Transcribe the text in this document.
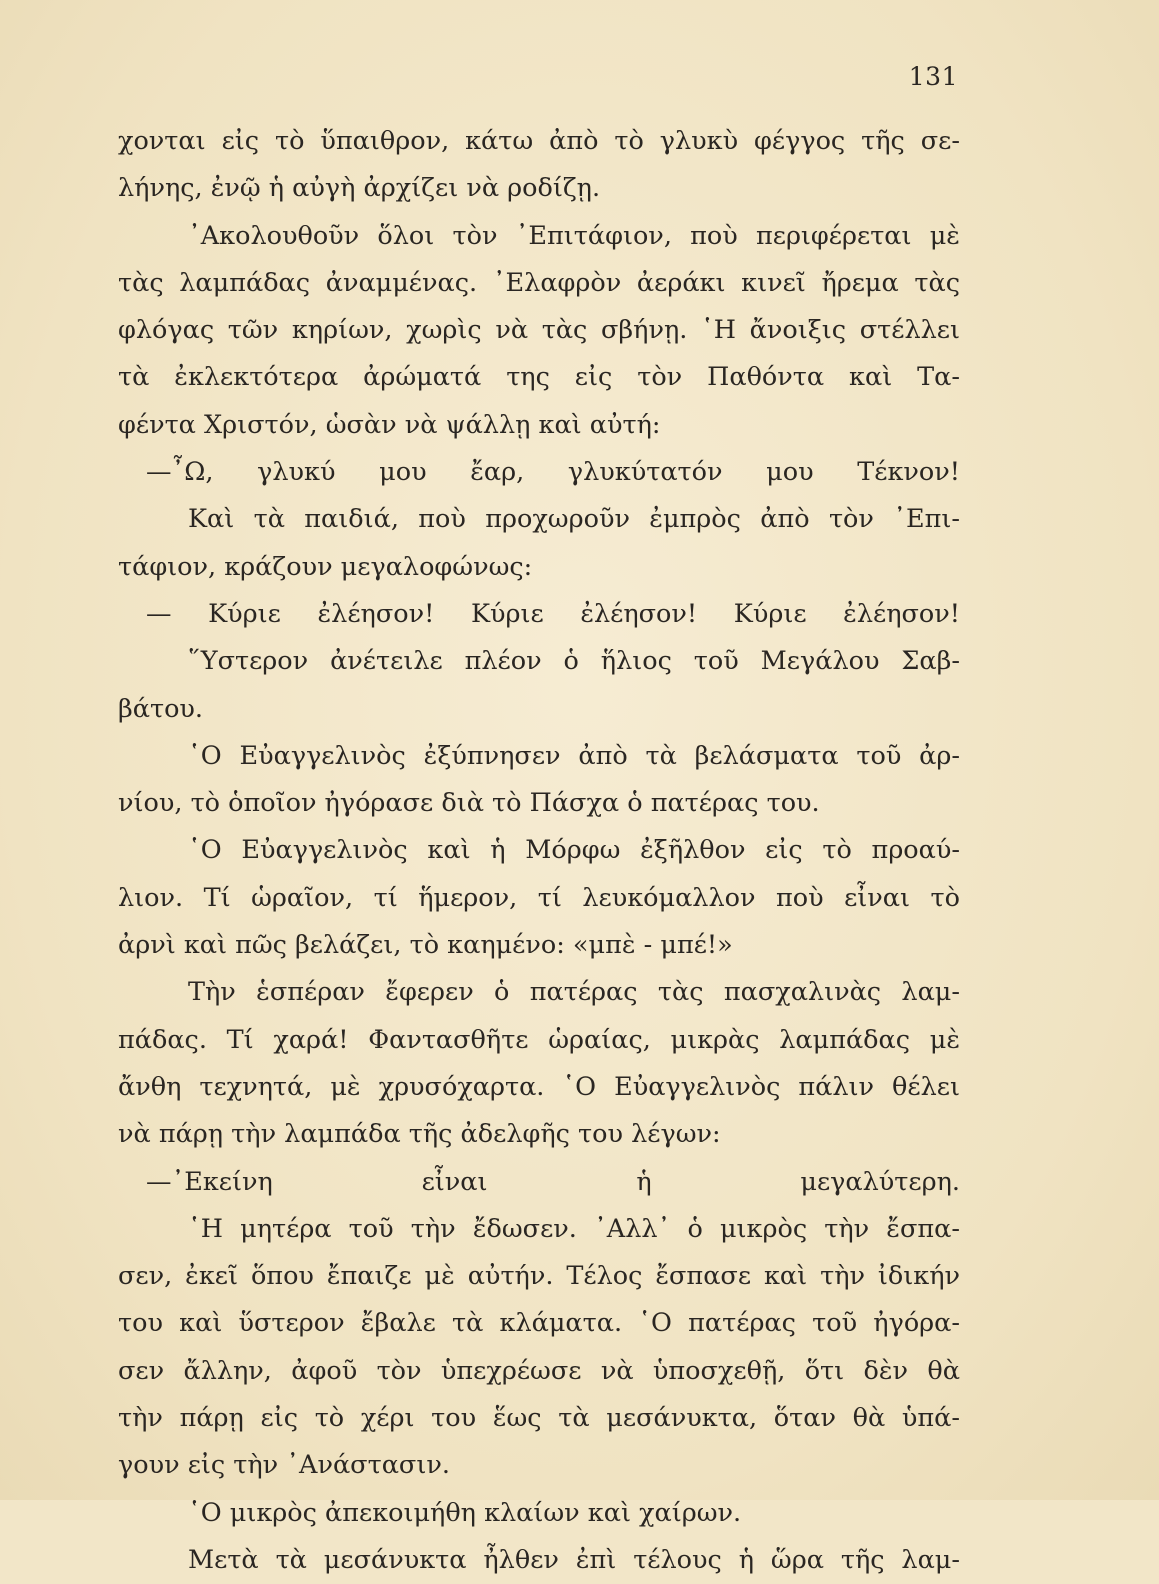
131
χονται εἰς τὸ ὕπαιθρον, κάτω ἀπὸ τὸ γλυκὺ φέγγος τῆς σε-
λήνης, ἐνῷ ἡ αὐγὴ ἀρχίζει νὰ ροδίζῃ.
᾿Ακολουθοῦν ὅλοι τὸν ᾿Επιτάφιον, ποὺ περιφέρεται μὲ
τὰς λαμπάδας ἀναμμένας. ᾿Ελαφρὸν ἀεράκι κινεῖ ἤρεμα τὰς
φλόγας τῶν κηρίων, χωρὶς νὰ τὰς σβήνῃ. ῾Η ἄνοιξις στέλλει
τὰ ἐκλεκτότερα ἀρώματά της εἰς τὸν Παθόντα καὶ Τα-
φέντα Χριστόν, ὡσὰν νὰ ψάλλῃ καὶ αὐτή:
—῏Ω, γλυκύ μου ἔαρ, γλυκύτατόν μου Τέκνον!
Καὶ τὰ παιδιά, ποὺ προχωροῦν ἐμπρὸς ἀπὸ τὸν ᾿Επι-
τάφιον, κράζουν μεγαλοφώνως:
— Κύριε ἐλέησον! Κύριε ἐλέησον! Κύριε ἐλέησον!
῞Υστερον ἀνέτειλε πλέον ὁ ἥλιος τοῦ Μεγάλου Σαβ-
βάτου.
῾Ο Εὐαγγελινὸς ἐξύπνησεν ἀπὸ τὰ βελάσματα τοῦ ἀρ-
νίου, τὸ ὁποῖον ἠγόρασε διὰ τὸ Πάσχα ὁ πατέρας του.
῾Ο Εὐαγγελινὸς καὶ ἡ Μόρφω ἐξῆλθον εἰς τὸ προαύ-
λιον. Τί ὡραῖον, τί ἥμερον, τί λευκόμαλλον ποὺ εἶναι τὸ
ἀρνὶ καὶ πῶς βελάζει, τὸ καημένο: «μπὲ - μπέ!»
Τὴν ἑσπέραν ἔφερεν ὁ πατέρας τὰς πασχαλινὰς λαμ-
πάδας. Τί χαρά! Φαντασθῆτε ὡραίας, μικρὰς λαμπάδας μὲ
ἄνθη τεχνητά, μὲ χρυσόχαρτα. ῾Ο Εὐαγγελινὸς πάλιν θέλει
νὰ πάρῃ τὴν λαμπάδα τῆς ἀδελφῆς του λέγων:
—᾿Εκείνη εἶναι ἡ μεγαλύτερη.
῾Η μητέρα τοῦ τὴν ἔδωσεν. ᾿Αλλ᾿ ὁ μικρὸς τὴν ἔσπα-
σεν, ἐκεῖ ὅπου ἔπαιζε μὲ αὐτήν. Τέλος ἔσπασε καὶ τὴν ἰδικήν
του καὶ ὕστερον ἔβαλε τὰ κλάματα. ῾Ο πατέρας τοῦ ἠγόρα-
σεν ἄλλην, ἀφοῦ τὸν ὑπεχρέωσε νὰ ὑποσχεθῇ, ὅτι δὲν θὰ
τὴν πάρῃ εἰς τὸ χέρι του ἕως τὰ μεσάνυκτα, ὅταν θὰ ὑπά-
γουν εἰς τὴν ᾿Ανάστασιν.
῾Ο μικρὸς ἀπεκοιμήθη κλαίων καὶ χαίρων.
Μετὰ τὰ μεσάνυκτα ἦλθεν ἐπὶ τέλους ἡ ὥρα τῆς λαμ-
